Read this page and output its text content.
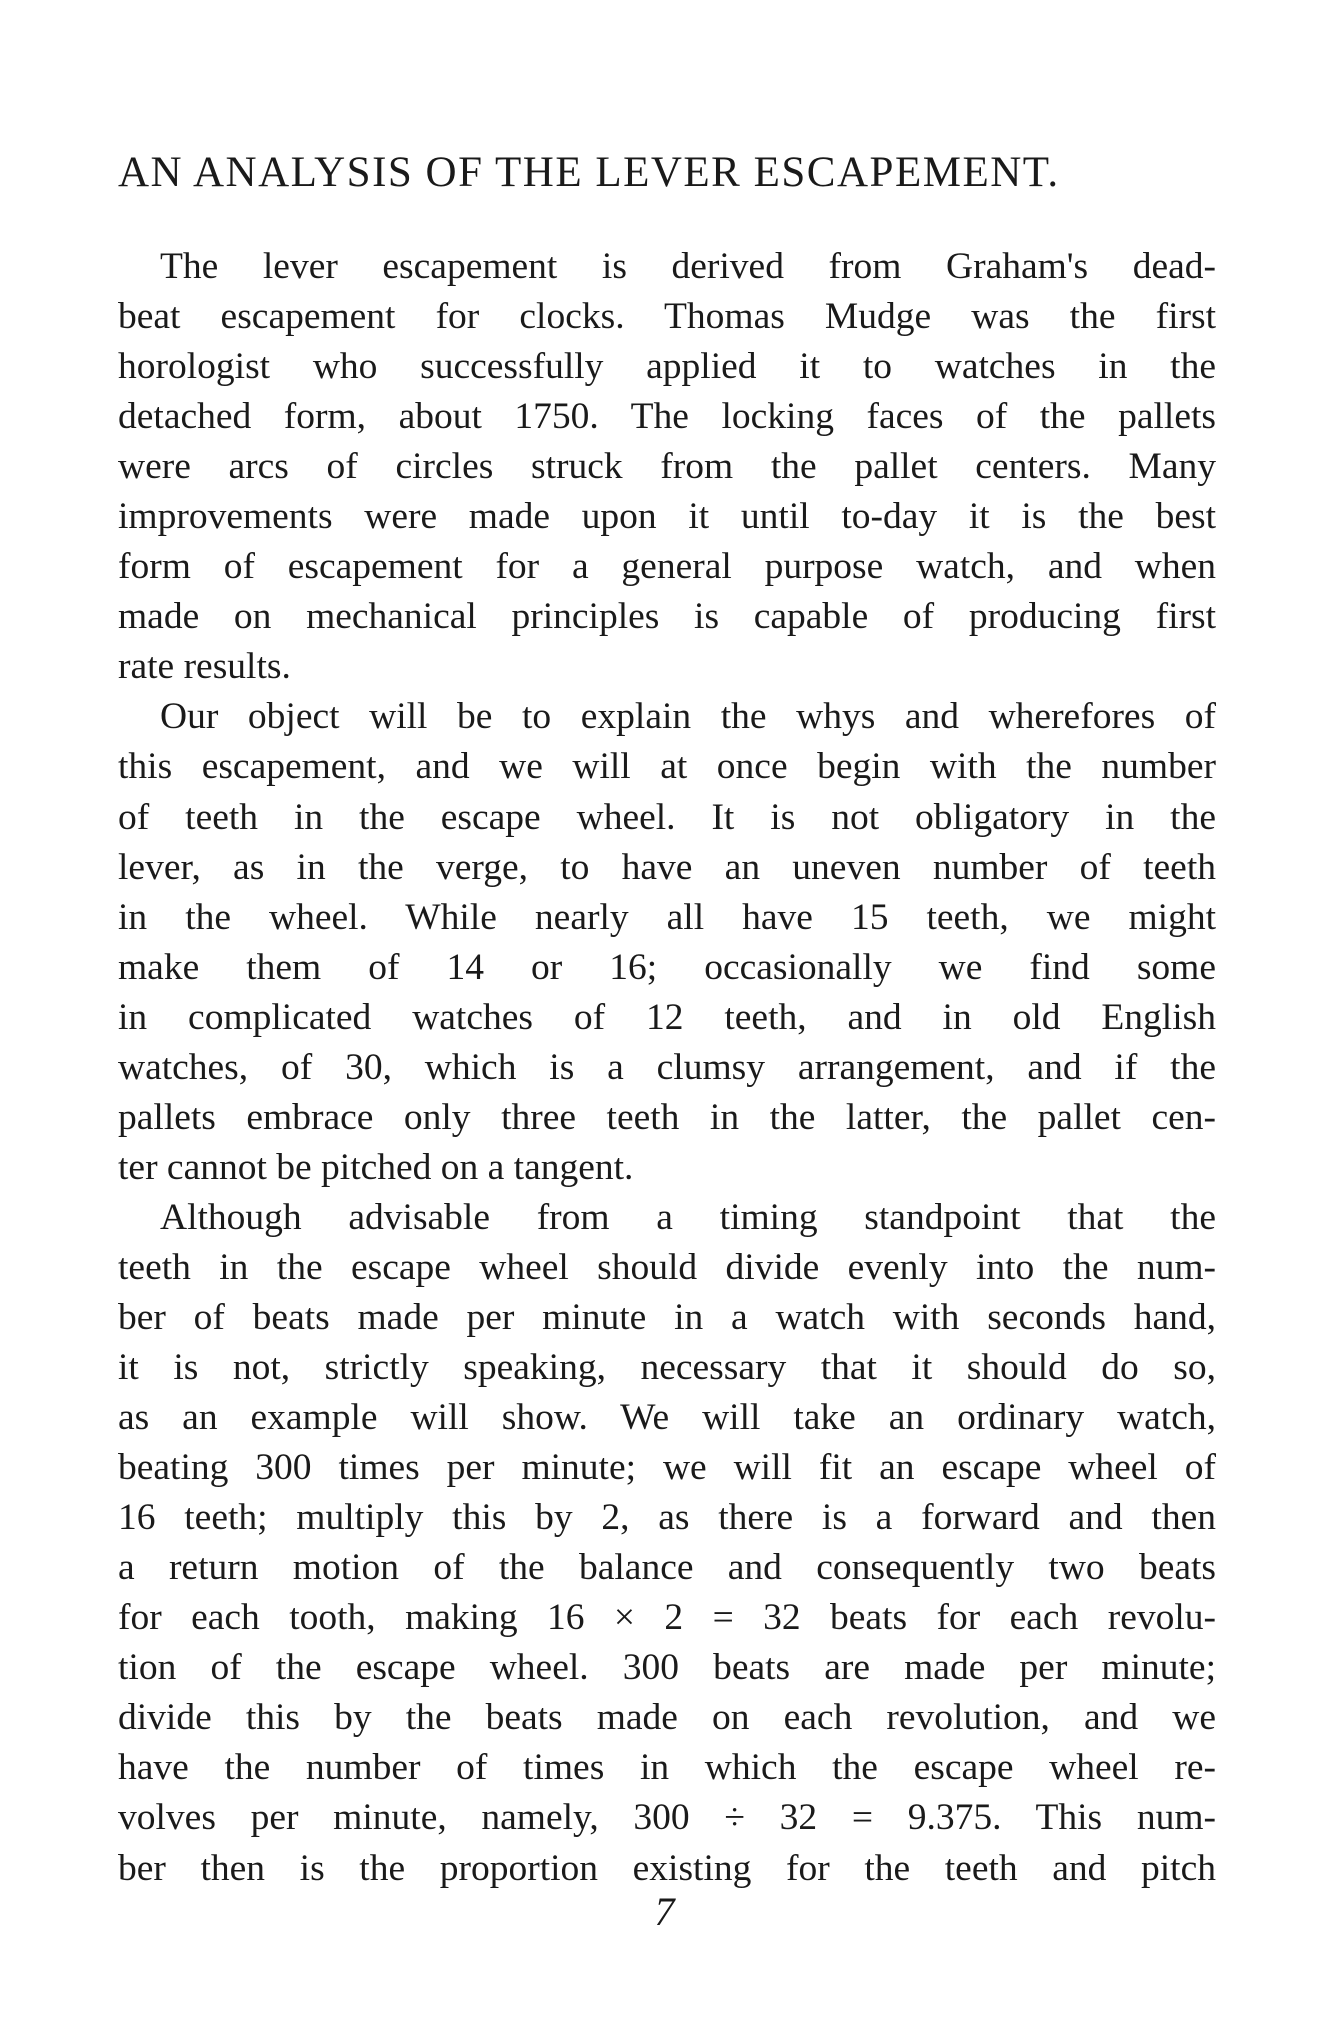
AN ANALYSIS OF THE LEVER ESCAPEMENT.

The lever escapement is derived from Graham's dead-
beat escapement for clocks. Thomas Mudge was the first
horologist who successfully applied it to watches in the
detached form, about 1750. The locking faces of the pallets
were arcs of circles struck from the pallet centers. Many
improvements were made upon it until to-day it is the best
form of escapement for a general purpose watch, and when
made on mechanical principles is capable of producing first
rate results.

Our object will be to explain the whys and wherefores of
this escapement, and we will at once begin with the number
of teeth in the escape wheel. It is not obligatory in the
lever, as in the verge, to have an uneven number of teeth
in the wheel. While nearly all have 15 teeth, we might
make them of 14 or 16; occasionally we find some
in complicated watches of 12 teeth, and in old English
watches, of 30, which is a clumsy arrangement, and if the
pallets embrace only three teeth in the latter, the pallet cen-
ter cannot be pitched on a tangent.

Although advisable from a timing standpoint that the
teeth in the escape wheel should divide evenly into the num-
ber of beats made per minute in a watch with seconds hand,
it is not, strictly speaking, necessary that it should do so,
as an example will show. We will take an ordinary watch,
beating 300 times per minute; we will fit an escape wheel of
16 teeth; multiply this by 2, as there is a forward and then
a return motion of the balance and consequently two beats
for each tooth, making 16 × 2 = 32 beats for each revolu-
tion of the escape wheel. 300 beats are made per minute;
divide this by the beats made on each revolution, and we
have the number of times in which the escape wheel re-
volves per minute, namely, 300 ÷ 32 = 9.375. This num-
ber then is the proportion existing for the teeth and pitch

7
